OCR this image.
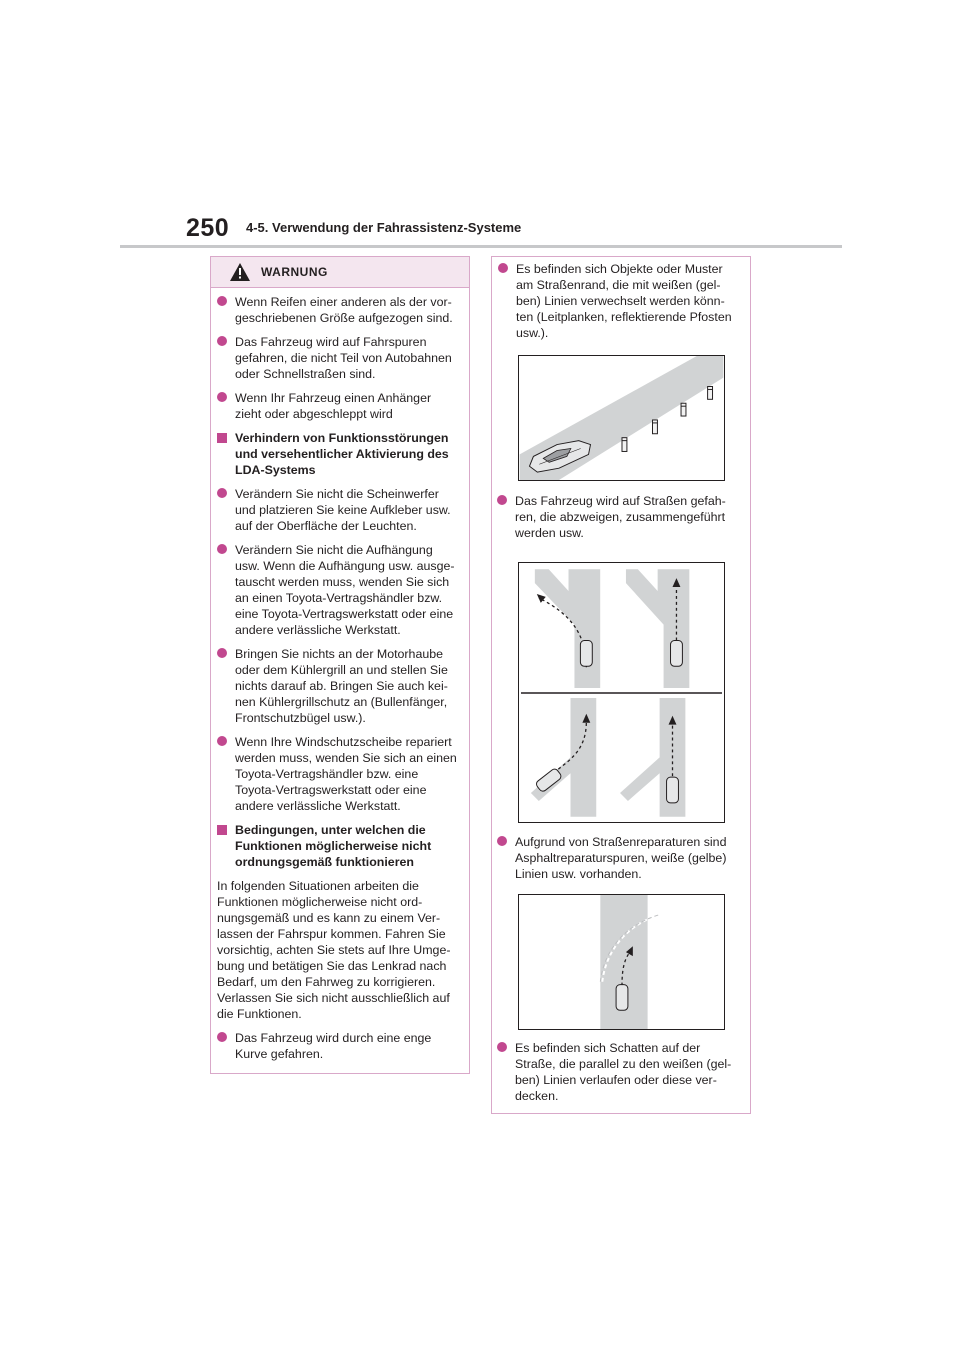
250 4-5. Verwendung der Fahrassistenz-Systeme
WARNUNG
Wenn Reifen einer anderen als der vor-geschriebenen Größe aufgezogen sind.
Das Fahrzeug wird auf Fahrspuren gefahren, die nicht Teil von Autobahnen oder Schnellstraßen sind.
Wenn Ihr Fahrzeug einen Anhänger zieht oder abgeschleppt wird
Verhindern von Funktionsstörungen und versehentlicher Aktivierung des LDA-Systems
Verändern Sie nicht die Scheinwerfer und platzieren Sie keine Aufkleber usw. auf der Oberfläche der Leuchten.
Verändern Sie nicht die Aufhängung usw. Wenn die Aufhängung usw. ausge-tauscht werden muss, wenden Sie sich an einen Toyota-Vertragshändler bzw. eine Toyota-Vertragswerkstatt oder eine andere verlässliche Werkstatt.
Bringen Sie nichts an der Motorhaube oder dem Kühlergrill an und stellen Sie nichts darauf ab. Bringen Sie auch kei-nen Kühlergrillschutz an (Bullenfänger, Frontschutzbügel usw.).
Wenn Ihre Windschutzscheibe repariert werden muss, wenden Sie sich an einen Toyota-Vertragshändler bzw. eine Toyota-Vertragswerkstatt oder eine andere verlässliche Werkstatt.
Bedingungen, unter welchen die Funktionen möglicherweise nicht ordnungsgemäß funktionieren
In folgenden Situationen arbeiten die Funktionen möglicherweise nicht ord-nungsgemäß und es kann zu einem Ver-lassen der Fahrspur kommen. Fahren Sie vorsichtig, achten Sie stets auf Ihre Umge-bung und betätigen Sie das Lenkrad nach Bedarf, um den Fahrweg zu korrigieren. Verlassen Sie sich nicht ausschließlich auf die Funktionen.
Das Fahrzeug wird durch eine enge Kurve gefahren.
Es befinden sich Objekte oder Muster am Straßenrand, die mit weißen (gel-ben) Linien verwechselt werden könn-ten (Leitplanken, reflektierende Pfosten usw.).
Das Fahrzeug wird auf Straßen gefah-ren, die abzweigen, zusammengeführt werden usw.
Aufgrund von Straßenreparaturen sind Asphaltreparaturspuren, weiße (gelbe) Linien usw. vorhanden.
Es befinden sich Schatten auf der Straße, die parallel zu den weißen (gel-ben) Linien verlaufen oder diese ver-decken.
